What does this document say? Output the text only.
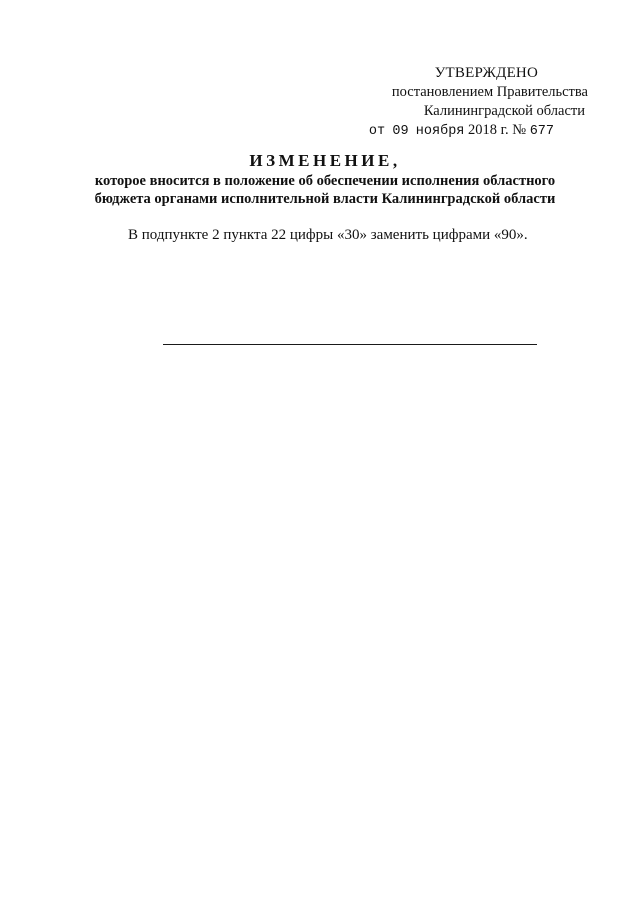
УТВЕРЖДЕНО
постановлением Правительства
Калининградской области
от 09 ноября 2018 г. № 677
ИЗМЕНЕНИЕ,
которое вносится в положение об обеспечении исполнения областного
бюджета органами исполнительной власти Калининградской области
В подпункте 2 пункта 22 цифры «30» заменить цифрами «90».
